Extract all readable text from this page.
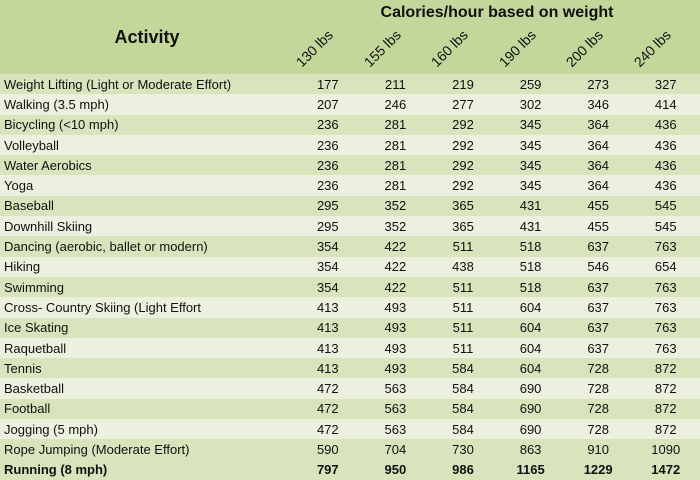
Activity
Calories/hour based on weight
130 lbs 155 lbs 160 lbs 190 lbs 200 lbs 240 lbs
Weight Lifting (Light or Moderate Effort)	177	211	219	259	273	327
Walking (3.5 mph)	207	246	277	302	346	414
Bicycling (<10 mph)	236	281	292	345	364	436
Volleyball	236	281	292	345	364	436
Water Aerobics	236	281	292	345	364	436
Yoga	236	281	292	345	364	436
Baseball	295	352	365	431	455	545
Downhill Skiing	295	352	365	431	455	545
Dancing (aerobic, ballet or modern)	354	422	511	518	637	763
Hiking	354	422	438	518	546	654
Swimming	354	422	511	518	637	763
Cross- Country Skiing (Light Effort	413	493	511	604	637	763
Ice Skating	413	493	511	604	637	763
Raquetball	413	493	511	604	637	763
Tennis	413	493	584	604	728	872
Basketball	472	563	584	690	728	872
Football	472	563	584	690	728	872
Jogging (5 mph)	472	563	584	690	728	872
Rope Jumping (Moderate Effort)	590	704	730	863	910	1090
Running (8 mph)	797	950	986	1165	1229	1472
